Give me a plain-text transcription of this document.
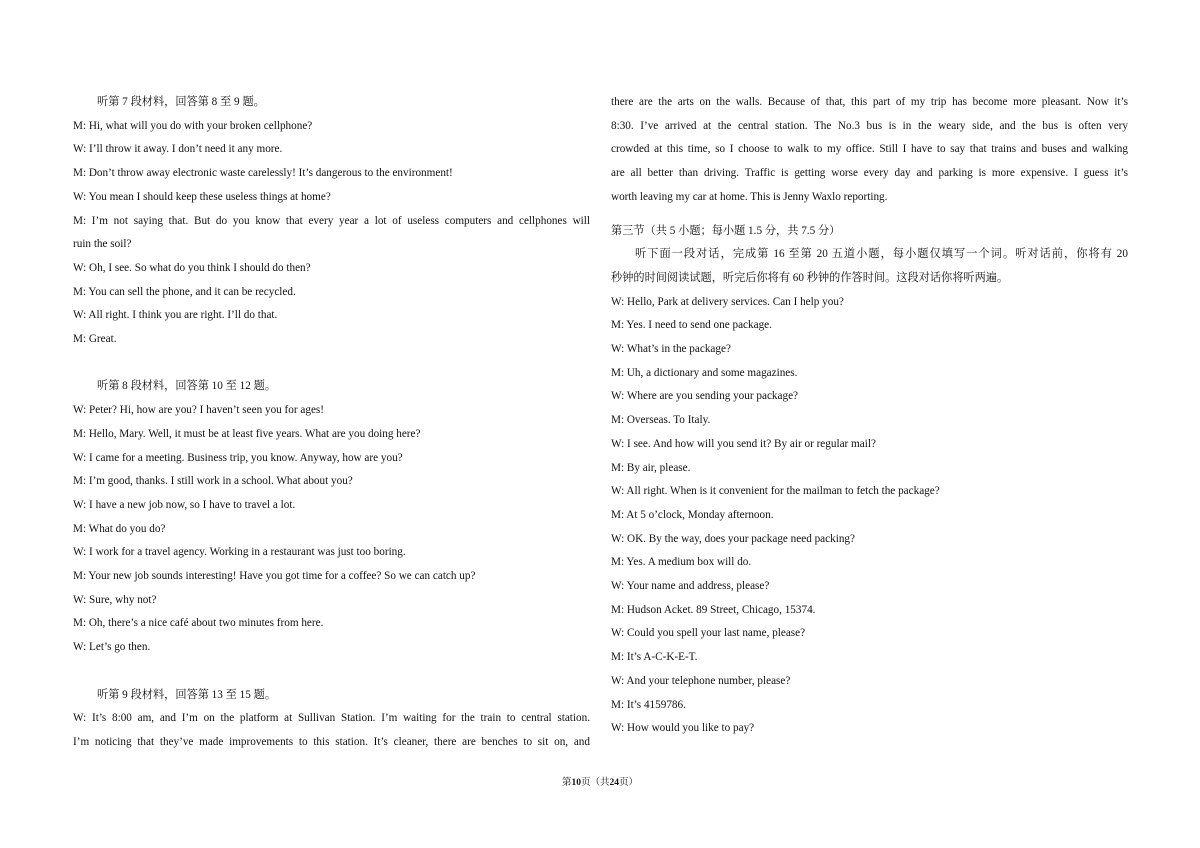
听第 7 段材料，回答第 8 至 9 题。
M: Hi, what will you do with your broken cellphone?
W: I’ll throw it away. I don’t need it any more.
M: Don’t throw away electronic waste carelessly! It’s dangerous to the environment!
W: You mean I should keep these useless things at home?
M: I’m not saying that. But do you know that every year a lot of useless computers and cellphones will
ruin the soil?
W: Oh, I see. So what do you think I should do then?
M: You can sell the phone, and it can be recycled.
W: All right. I think you are right. I’ll do that.
M: Great.
听第 8 段材料，回答第 10 至 12 题。
W: Peter? Hi, how are you? I haven’t seen you for ages!
M: Hello, Mary. Well, it must be at least five years. What are you doing here?
W: I came for a meeting. Business trip, you know. Anyway, how are you?
M: I’m good, thanks. I still work in a school. What about you?
W: I have a new job now, so I have to travel a lot.
M: What do you do?
W: I work for a travel agency. Working in a restaurant was just too boring.
M: Your new job sounds interesting! Have you got time for a coffee? So we can catch up?
W: Sure, why not?
M: Oh, there’s a nice café about two minutes from here.
W: Let’s go then.
听第 9 段材料，回答第 13 至 15 题。
W: It’s 8:00 am, and I’m on the platform at Sullivan Station. I’m waiting for the train to central station.
I’m noticing that they’ve made improvements to this station. It’s cleaner, there are benches to sit on, and
there are the arts on the walls. Because of that, this part of my trip has become more pleasant. Now it’s
8:30. I’ve arrived at the central station. The No.3 bus is in the weary side, and the bus is often very
crowded at this time, so I choose to walk to my office. Still I have to say that trains and buses and walking
are all better than driving. Traffic is getting worse every day and parking is more expensive. I guess it’s
worth leaving my car at home. This is Jenny Waxlo reporting.
第三节（共 5 小题；每小题 1.5 分，共 7.5 分）
听下面一段对话，完成第 16 至第 20 五道小题，每小题仅填写一个词。听对话前，你将有 20
秒钟的时间阅读试题，听完后你将有 60 秒钟的作答时间。这段对话你将听两遍。
W: Hello, Park at delivery services. Can I help you?
M: Yes. I need to send one package.
W: What’s in the package?
M: Uh, a dictionary and some magazines.
W: Where are you sending your package?
M: Overseas. To Italy.
W: I see. And how will you send it? By air or regular mail?
M: By air, please.
W: All right. When is it convenient for the mailman to fetch the package?
M: At 5 o’clock, Monday afternoon.
W: OK. By the way, does your package need packing?
M: Yes. A medium box will do.
W: Your name and address, please?
M: Hudson Acket. 89 Street, Chicago, 15374.
W: Could you spell your last name, please?
M: It’s A-C-K-E-T.
W: And your telephone number, please?
M: It’s 4159786.
W: How would you like to pay?
第10页（共24页）
